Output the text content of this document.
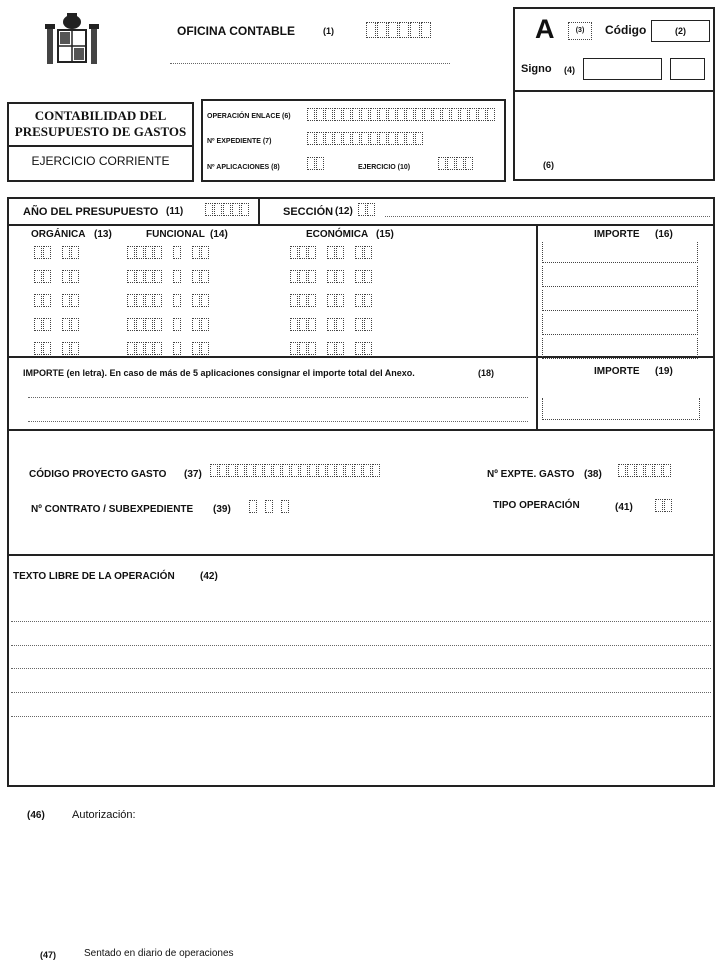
OFICINA CONTABLE	(1)	A	(3)	Código	(2)
Signo (4)
(6)
CONTABILIDAD DEL
PRESUPUESTO DE GASTOS
EJERCICIO CORRIENTE
OPERACIÓN ENLACE (6)
Nº EXPEDIENTE (7)
Nº APLICACIONES (8)	EJERCICIO (10)
AÑO DEL PRESUPUESTO (11)	SECCIÓN (12)
ORGÁNICA (13)	FUNCIONAL (14)	ECONÓMICA (15)	IMPORTE (16)
IMPORTE (en letra). En caso de más de 5 aplicaciones consignar el importe total del Anexo.	(18)	IMPORTE (19)
CÓDIGO PROYECTO GASTO (37)	Nº EXPTE. GASTO (38)
Nº CONTRATO / SUBEXPEDIENTE (39)	TIPO OPERACIÓN	(41)
TEXTO LIBRE DE LA OPERACIÓN	(42)
(46) Autorización:
(47)	Sentado en diario de operaciones
